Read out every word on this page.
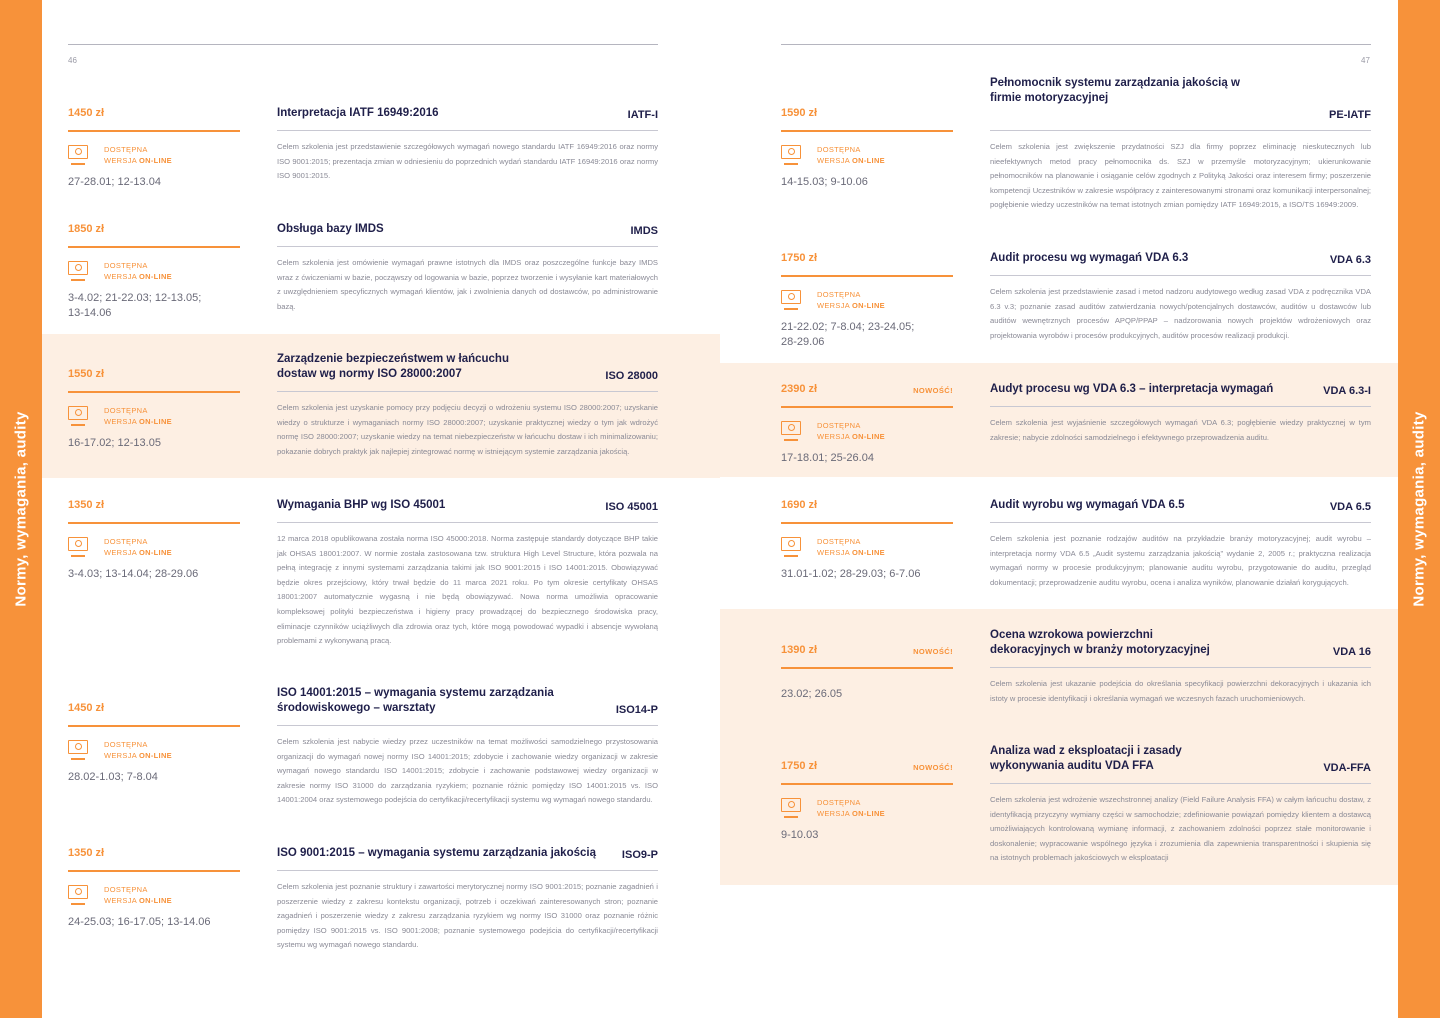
Normy, wymagania, audity	Normy, wymagania, audity
46	47
1450 zł
DOSTĘPNA
WERSJA ON-LINE
27-28.01; 12-13.04
Interpretacja IATF 16949:2016	IATF-I
Celem szkolenia jest przedstawienie szczegółowych wymagań nowego standardu IATF 16949:2016 oraz normy ISO 9001:2015; prezentacja zmian w odniesieniu do poprzednich wydań standardu IATF 16949:2016 oraz normy ISO 9001:2015.
1850 zł
DOSTĘPNA
WERSJA ON-LINE
3-4.02; 21-22.03; 12-13.05; 13-14.06
Obsługa bazy IMDS	IMDS
Celem szkolenia jest omówienie wymagań prawne istotnych dla IMDS oraz poszczególne funkcje bazy IMDS wraz z ćwiczeniami w bazie, począwszy od logowania w bazie, poprzez tworzenie i wysyłanie kart materiałowych z uwzględnieniem specyficznych wymagań klientów, jak i zwolnienia danych od dostawców, po administrowanie bazą.
1550 zł
DOSTĘPNA
WERSJA ON-LINE
16-17.02; 12-13.05
Zarządzenie bezpieczeństwem w łańcuchu dostaw wg normy ISO 28000:2007	ISO 28000
Celem szkolenia jest uzyskanie pomocy przy podjęciu decyzji o wdrożeniu systemu ISO 28000:2007; uzyskanie wiedzy o strukturze i wymaganiach normy ISO 28000:2007; uzyskanie praktycznej wiedzy o tym jak wdrożyć normę ISO 28000:2007; uzyskanie wiedzy na temat niebezpieczeństw w łańcuchu dostaw i ich minimalizowaniu; pokazanie dobrych praktyk jak najlepiej zintegrować normę w istniejącym systemie zarządzania jakością.
1350 zł
DOSTĘPNA
WERSJA ON-LINE
3-4.03; 13-14.04; 28-29.06
Wymagania BHP wg ISO 45001	ISO 45001
12 marca 2018 opublikowana została norma ISO 45000:2018. Norma zastępuje standardy dotyczące BHP takie jak OHSAS 18001:2007. W normie została zastosowana tzw. struktura High Level Structure, która pozwala na pełną integrację z innymi systemami zarządzania takimi jak ISO 9001:2015 i ISO 14001:2015. Obowiązywać będzie okres przejściowy, który trwał będzie do 11 marca 2021 roku. Po tym okresie certyfikaty OHSAS 18001:2007 automatycznie wygasną i nie będą obowiązywać. Nowa norma umożliwia opracowanie kompleksowej polityki bezpieczeństwa i higieny pracy prowadzącej do bezpiecznego środowiska pracy, eliminacje czynników uciążliwych dla zdrowia oraz tych, które mogą powodować wypadki i absencje wywołaną problemami z wykonywaną pracą.
1450 zł
DOSTĘPNA
WERSJA ON-LINE
28.02-1.03; 7-8.04
ISO 14001:2015 – wymagania systemu zarządzania środowiskowego – warsztaty	ISO14-P
Celem szkolenia jest nabycie wiedzy przez uczestników na temat możliwości samodzielnego przystosowania organizacji do wymagań nowej normy ISO 14001:2015; zdobycie i zachowanie wiedzy organizacji w zakresie wymagań nowego standardu ISO 14001:2015; zdobycie i zachowanie podstawowej wiedzy organizacji w zakresie normy ISO 31000 do zarządzania ryzykiem; poznanie różnic pomiędzy ISO 14001:2015 vs. ISO 14001:2004 oraz systemowego podejścia do certyfikacji/recertyfikacji systemu wg wymagań nowego standardu.
1350 zł
DOSTĘPNA
WERSJA ON-LINE
24-25.03; 16-17.05; 13-14.06
ISO 9001:2015 – wymagania systemu zarządzania jakością	ISO9-P
Celem szkolenia jest poznanie struktury i zawartości merytorycznej normy ISO 9001:2015; poznanie zagadnień i poszerzenie wiedzy z zakresu kontekstu organizacji, potrzeb i oczekiwań zainteresowanych stron; poznanie zagadnień i poszerzenie wiedzy z zakresu zarządzania ryzykiem wg normy ISO 31000 oraz poznanie różnic pomiędzy ISO 9001:2015 vs. ISO 9001:2008; poznanie systemowego podejścia do certyfikacji/recertyfikacji systemu wg wymagań nowego standardu.
1590 zł
DOSTĘPNA
WERSJA ON-LINE
14-15.03; 9-10.06
Pełnomocnik systemu zarządzania jakością w firmie motoryzacyjnej
PE-IATF
Celem szkolenia jest zwiększenie przydatności SZJ dla firmy poprzez eliminację nieskutecznych lub nieefektywnych metod pracy pełnomocnika ds. SZJ w przemyśle motoryzacyjnym; ukierunkowanie pełnomocników na planowanie i osiąganie celów zgodnych z Polityką Jakości oraz interesem firmy; poszerzenie kompetencji Uczestników w zakresie współpracy z zainteresowanymi stronami oraz komunikacji interpersonalnej; pogłębienie wiedzy uczestników na temat istotnych zmian pomiędzy IATF 16949:2015, a ISO/TS 16949:2009.
1750 zł
DOSTĘPNA
WERSJA ON-LINE
21-22.02; 7-8.04; 23-24.05; 28-29.06
Audit procesu wg wymagań VDA 6.3	VDA 6.3
Celem szkolenia jest przedstawienie zasad i metod nadzoru audytowego według zasad VDA z podręcznika VDA 6.3 v.3; poznanie zasad auditów zatwierdzania nowych/potencjalnych dostawców, auditów u dostawców lub auditów wewnętrznych procesów APQP/PPAP – nadzorowania nowych projektów wdrożeniowych oraz projektowania wyrobów i procesów produkcyjnych, auditów procesów realizacji produkcji.
2390 zł	NOWOŚĆ!
DOSTĘPNA
WERSJA ON-LINE
17-18.01; 25-26.04
Audyt procesu wg VDA 6.3 – interpretacja wymagań	VDA 6.3-I
Celem szkolenia jest wyjaśnienie szczegółowych wymagań VDA 6.3; pogłębienie wiedzy praktycznej w tym zakresie; nabycie zdolności samodzielnego i efektywnego przeprowadzenia auditu.
1690 zł
DOSTĘPNA
WERSJA ON-LINE
31.01-1.02; 28-29.03; 6-7.06
Audit wyrobu wg wymagań VDA 6.5	VDA 6.5
Celem szkolenia jest poznanie rodzajów auditów na przykładzie branży motoryzacyjnej; audit wyrobu – interpretacja normy VDA 6.5 „Audit systemu zarządzania jakością” wydanie 2, 2005 r.; praktyczna realizacja wymagań normy w procesie produkcyjnym; planowanie auditu wyrobu, przygotowanie do auditu, przegląd dokumentacji; przeprowadzenie auditu wyrobu, ocena i analiza wyników, planowanie działań korygujących.
1390 zł	NOWOŚĆ!
23.02; 26.05
Ocena wzrokowa powierzchni dekoracyjnych w branży motoryzacyjnej	VDA 16
Celem szkolenia jest ukazanie podejścia do określania specyfikacji powierzchni dekoracyjnych i ukazania ich istoty w procesie identyfikacji i określania wymagań we wczesnych fazach uruchomieniowych.
1750 zł	NOWOŚĆ!
DOSTĘPNA
WERSJA ON-LINE
9-10.03
Analiza wad z eksploatacji i zasady wykonywania auditu VDA FFA	VDA-FFA
Celem szkolenia jest wdrożenie wszechstronnej analizy (Field Failure Analysis FFA) w całym łańcuchu dostaw, z identyfikacją przyczyny wymiany części w samochodzie; zdefiniowanie powiązań pomiędzy klientem a dostawcą umożliwiających kontrolowaną wymianę informacji, z zachowaniem zdolności poprzez stałe monitorowanie i doskonalenie; wypracowanie wspólnego języka i zrozumienia dla zapewnienia transparentności i skupienia się na istotnych problemach jakościowych w eksploatacji
